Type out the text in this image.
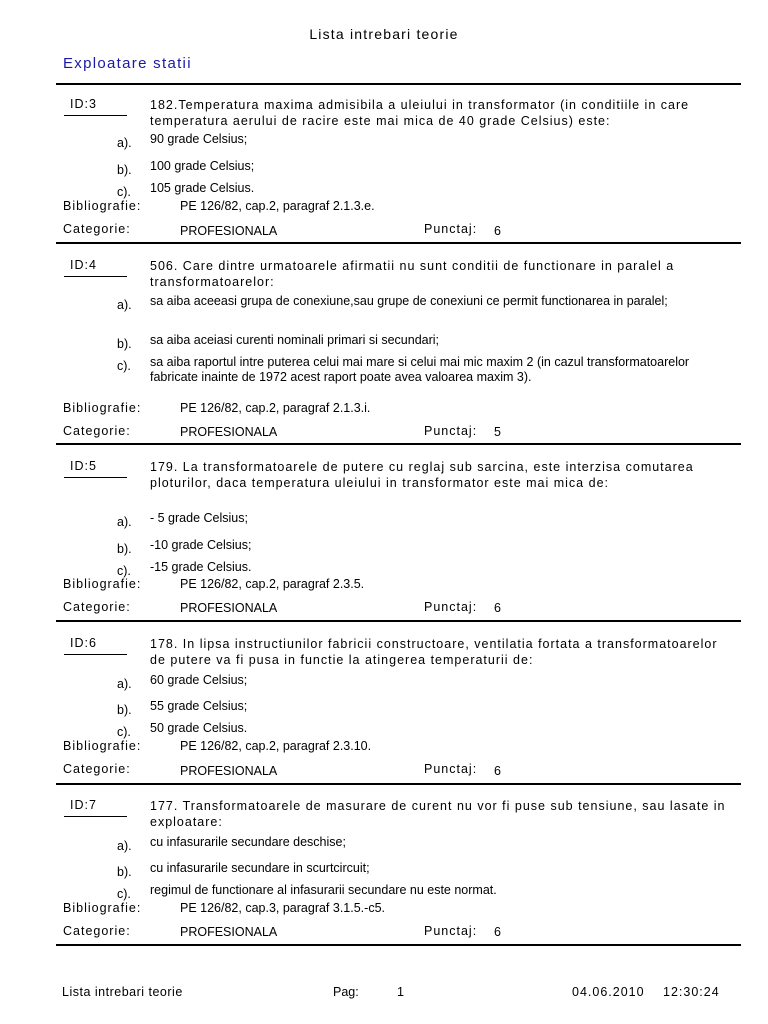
Lista intrebari teorie
Exploatare statii
ID:3	182.Temperatura maxima admisibila a uleiului in transformator (in conditiile in care temperatura aerului de racire este mai mica de 40 grade Celsius) este:
a). 90 grade Celsius;
b). 100 grade Celsius;
c). 105 grade Celsius.
Bibliografie:	PE 126/82, cap.2, paragraf 2.1.3.e.
Categorie:	PROFESIONALA	Punctaj: 6
ID:4	506. Care dintre urmatoarele afirmatii nu sunt conditii de functionare in paralel a transformatoarelor:
a). sa aiba aceeasi grupa de conexiune,sau grupe de conexiuni ce permit functionarea in paralel;
b). sa aiba aceiasi curenti nominali primari si secundari;
c). sa aiba raportul intre puterea celui mai mare si celui mai mic maxim 2 (in cazul transformatoarelor fabricate inainte de 1972 acest raport poate avea valoarea maxim 3).
Bibliografie:	PE 126/82, cap.2, paragraf 2.1.3.i.
Categorie:	PROFESIONALA	Punctaj: 5
ID:5	179. La transformatoarele de putere cu reglaj sub sarcina, este interzisa comutarea ploturilor, daca temperatura uleiului in transformator este mai mica de:
a). - 5 grade Celsius;
b). -10 grade Celsius;
c). -15 grade Celsius.
Bibliografie:	PE 126/82, cap.2, paragraf 2.3.5.
Categorie:	PROFESIONALA	Punctaj: 6
ID:6	178. In lipsa instructiunilor fabricii constructoare, ventilatia fortata a transformatoarelor de putere va fi pusa in functie la atingerea temperaturii de:
a). 60 grade Celsius;
b). 55 grade Celsius;
c). 50 grade Celsius.
Bibliografie:	PE 126/82, cap.2, paragraf 2.3.10.
Categorie:	PROFESIONALA	Punctaj: 6
ID:7	177. Transformatoarele de masurare de curent nu vor fi puse sub tensiune, sau lasate in exploatare:
a). cu infasurarile secundare deschise;
b). cu infasurarile secundare in scurtcircuit;
c). regimul de functionare al infasurarii secundare nu este normat.
Bibliografie:	PE 126/82, cap.3, paragraf 3.1.5.-c5.
Categorie:	PROFESIONALA	Punctaj: 6
Lista intrebari teorie	Pag:	1	04.06.2010 12:30:24
